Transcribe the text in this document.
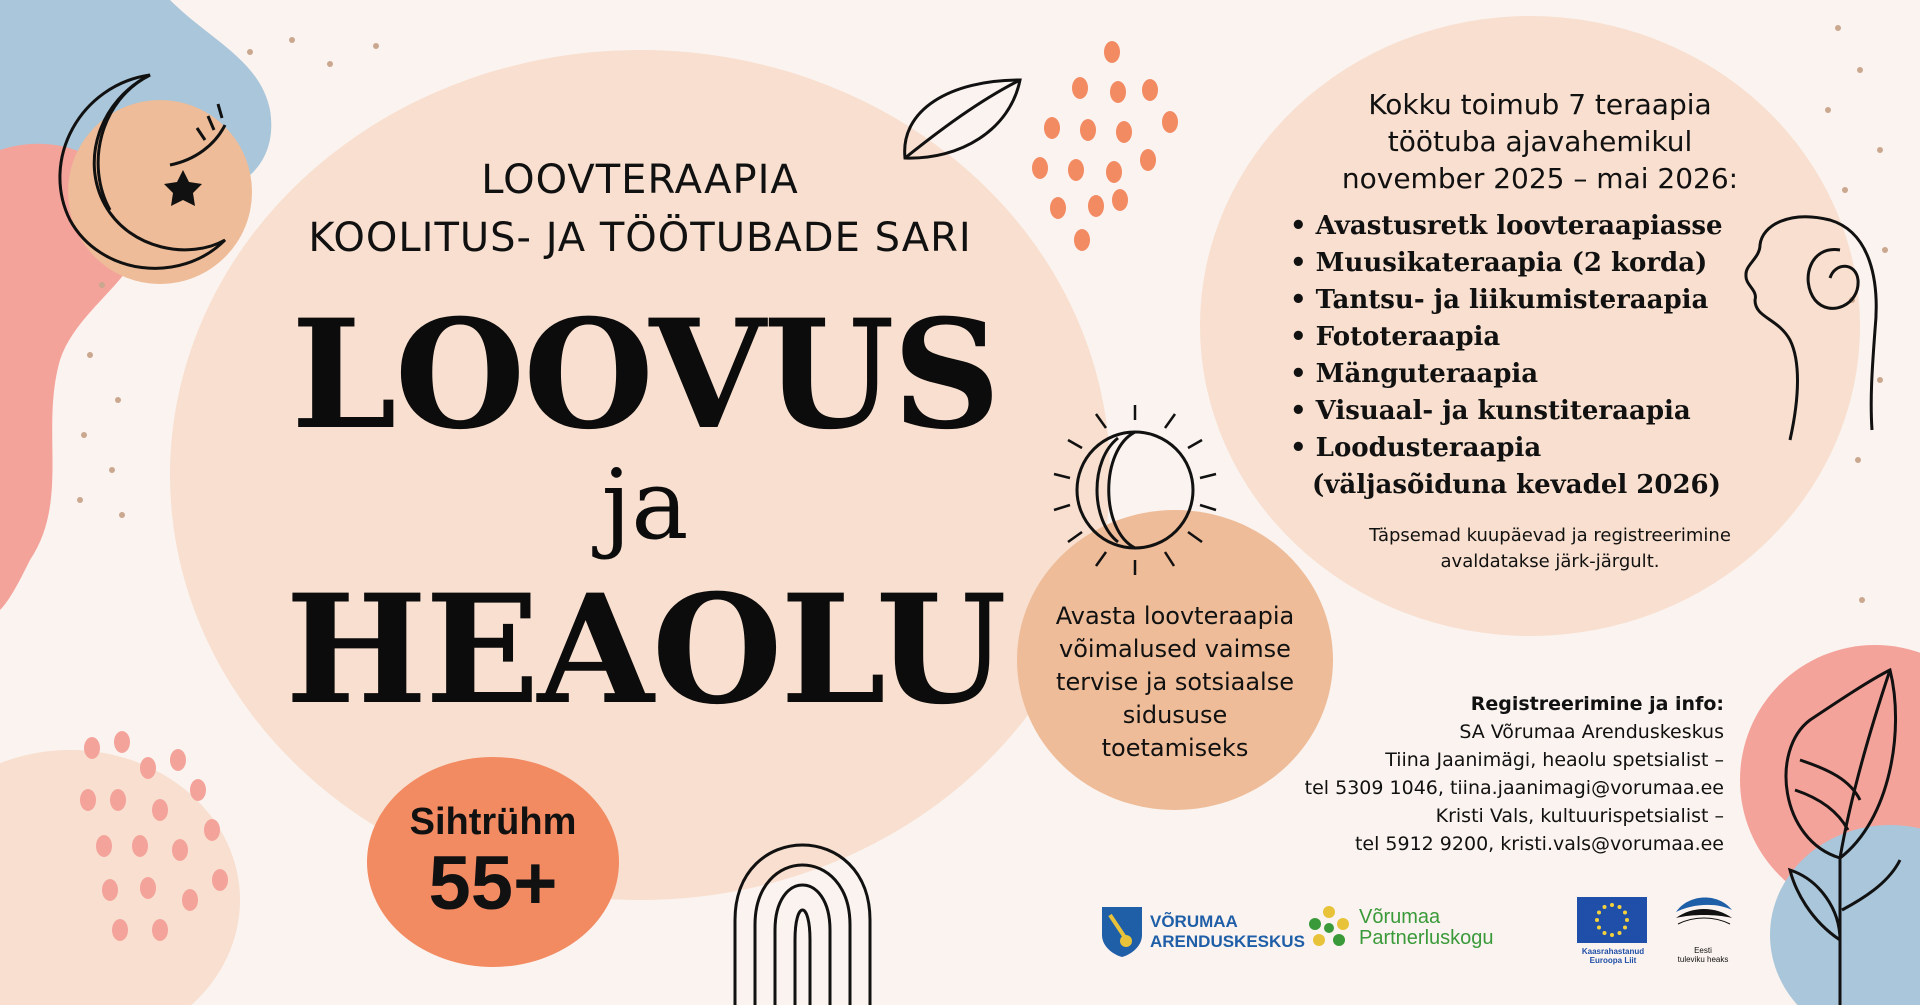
LOOVTERAAPIA
KOOLITUS- JA TÖÖTUBADE SARI
LOOVUS
ja
HEAOLU
Sihtrühm
55+
Avasta loovteraapia
võimalused vaimse
tervise ja sotsiaalse
sidususe
toetamiseks
Kokku toimub 7 teraapia
töötuba ajavahemikul
november 2025 – mai 2026:
• Avastusretk loovteraapiasse
• Muusikateraapia (2 korda)
• Tantsu- ja liikumisteraapia
• Fototeraapia
• Mänguteraapia
• Visuaal- ja kunstiteraapia
• Loodusteraapia
(väljasõiduna kevadel 2026)
Täpsemad kuupäevad ja registreerimine
avaldatakse järk-järgult.
Registreerimine ja info:
SA Võrumaa Arenduskeskus
Tiina Jaanimägi, heaolu spetsialist –
tel 5309 1046, tiina.jaanimagi@vorumaa.ee
Kristi Vals, kultuurispetsialist –
tel 5912 9200, kristi.vals@vorumaa.ee
VÕRUMAA
ARENDUSKESKUS
Võrumaa
Partnerluskogu
Kaasrahastanud
Euroopa Liit
Eesti
tuleviku heaks
